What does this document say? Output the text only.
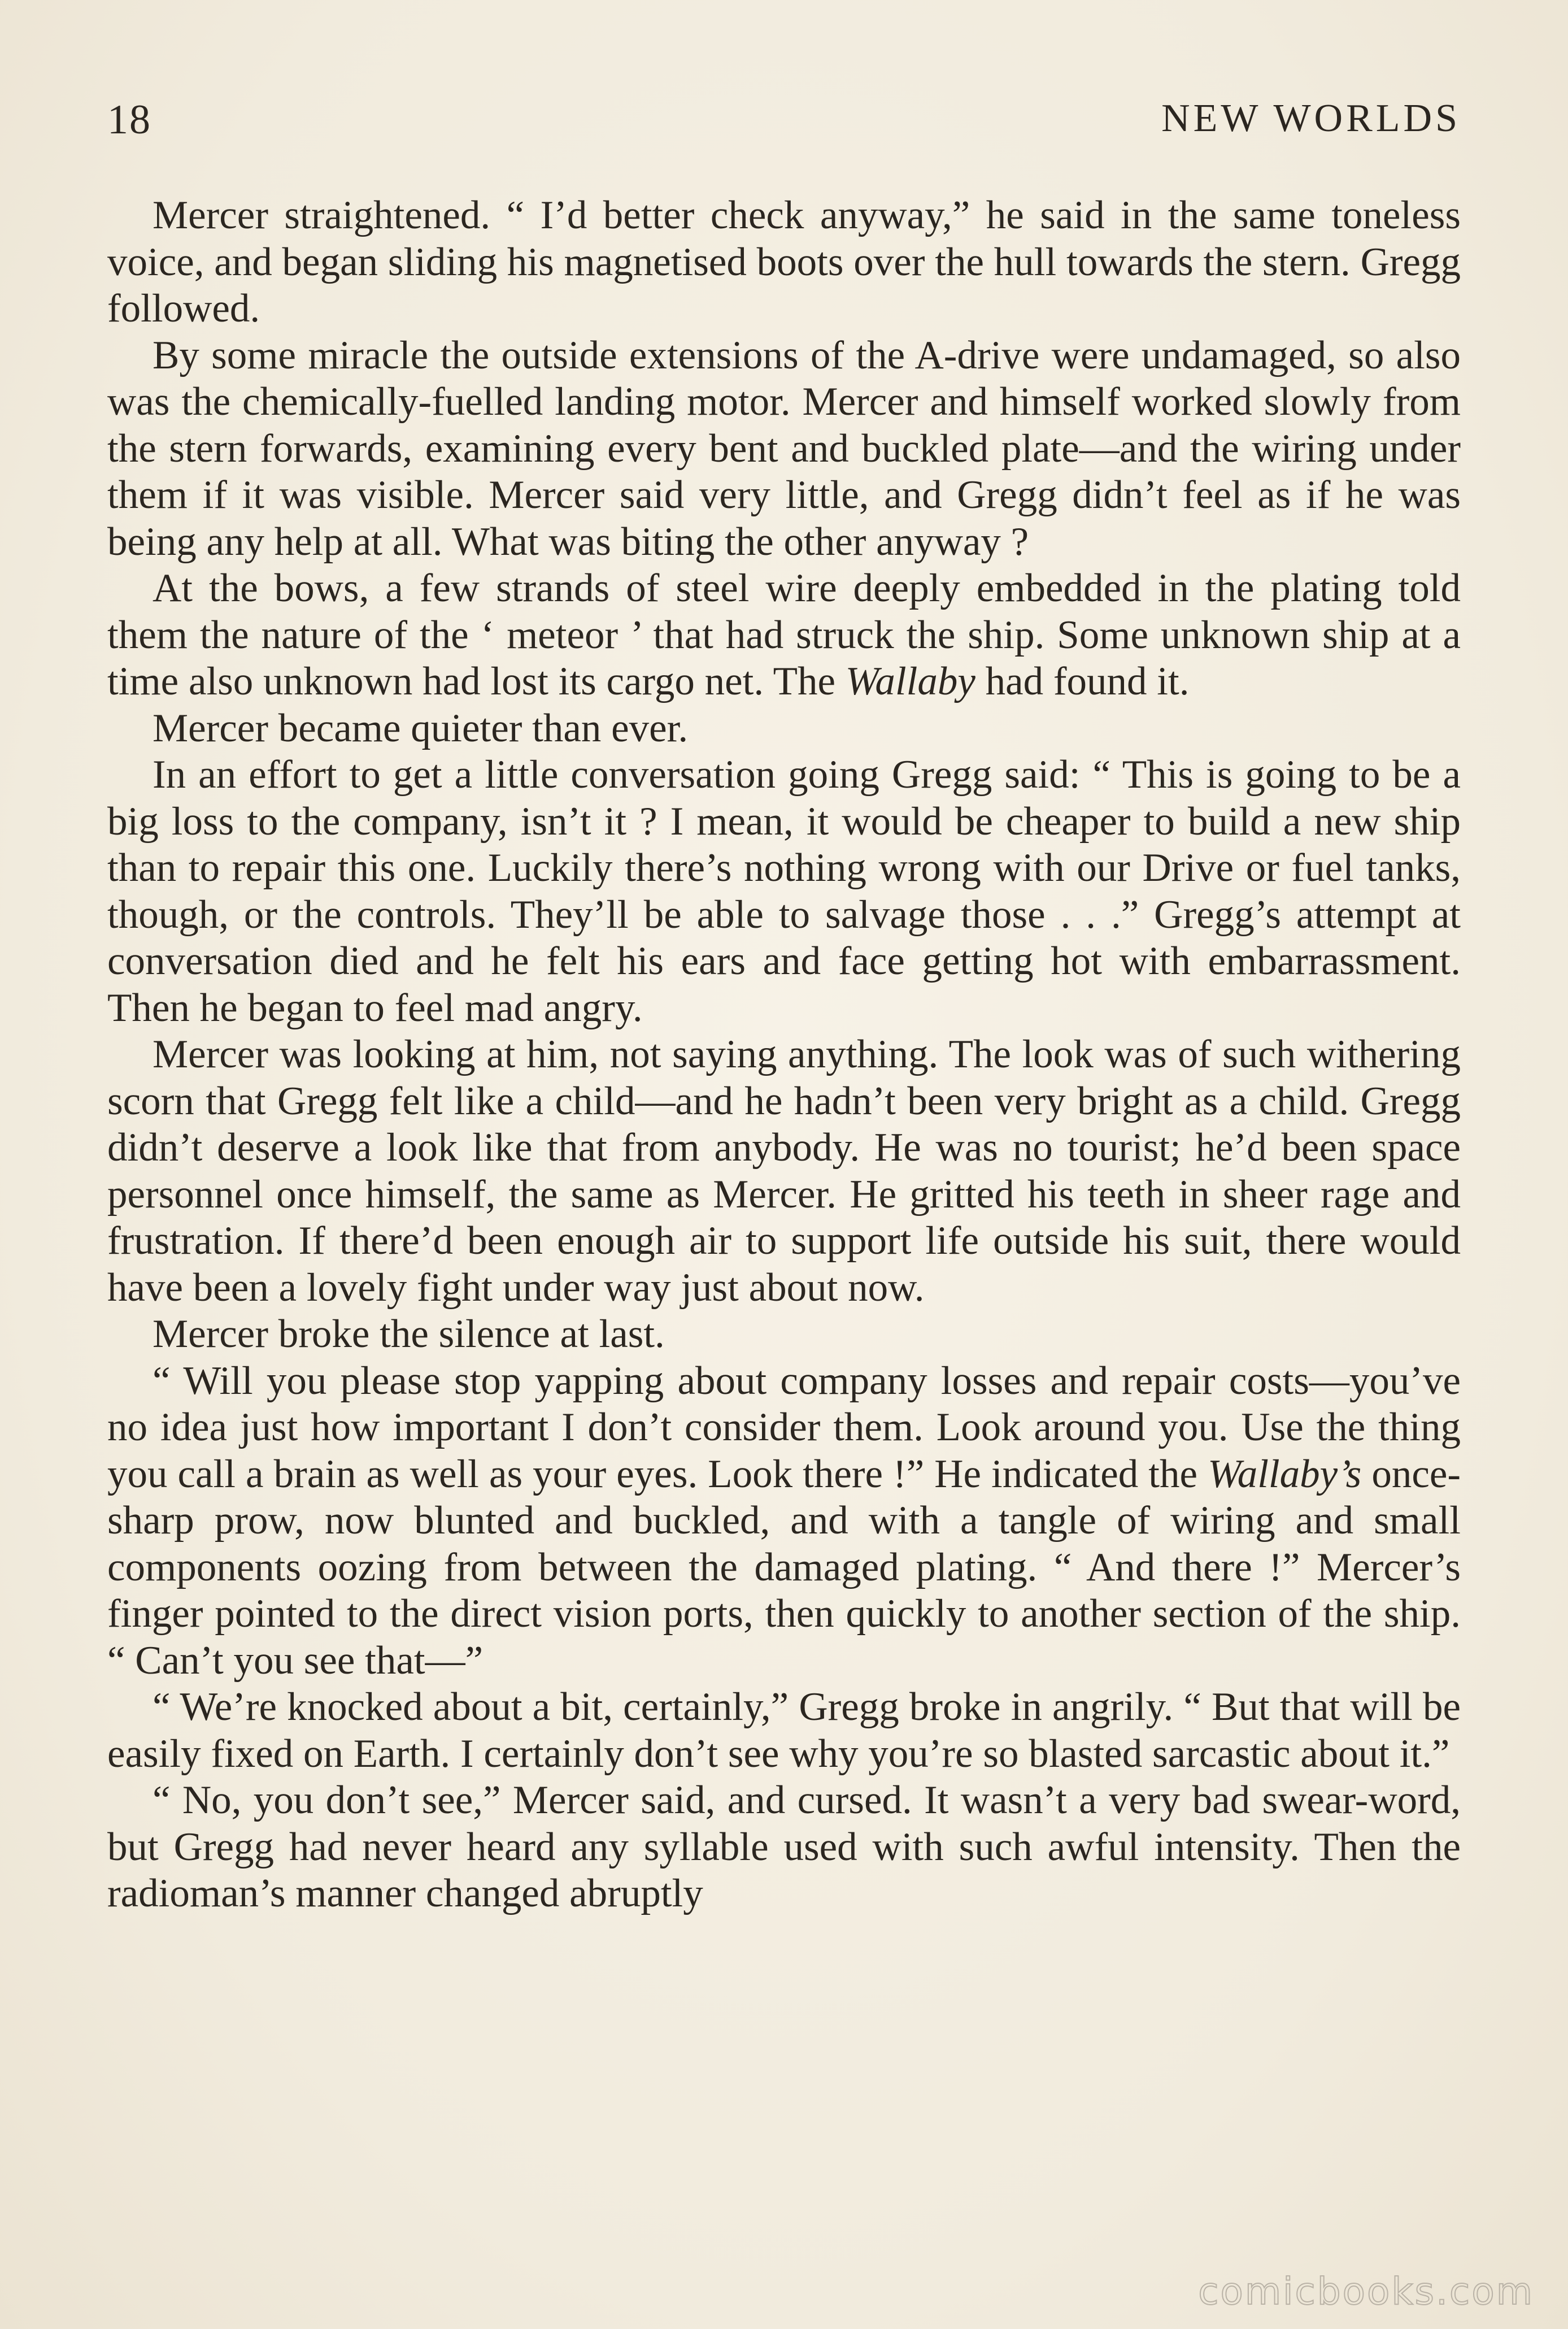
18	NEW WORLDS

Mercer straightened. “ I’d better check anyway,” he said in the same toneless voice, and began sliding his magnetised boots over the hull towards the stern. Gregg followed.

By some miracle the outside extensions of the A-drive were undamaged, so also was the chemically-fuelled landing motor. Mercer and himself worked slowly from the stern forwards, examining every bent and buckled plate—and the wiring under them if it was visible. Mercer said very little, and Gregg didn’t feel as if he was being any help at all. What was biting the other anyway ?

At the bows, a few strands of steel wire deeply embedded in the plating told them the nature of the ‘ meteor ’ that had struck the ship. Some unknown ship at a time also unknown had lost its cargo net. The Wallaby had found it.

Mercer became quieter than ever.

In an effort to get a little conversation going Gregg said: “ This is going to be a big loss to the company, isn’t it ? I mean, it would be cheaper to build a new ship than to repair this one. Luckily there’s nothing wrong with our Drive or fuel tanks, though, or the controls. They’ll be able to salvage those . . .” Gregg’s attempt at conversation died and he felt his ears and face getting hot with embarrassment. Then he began to feel mad angry.

Mercer was looking at him, not saying anything. The look was of such withering scorn that Gregg felt like a child—and he hadn’t been very bright as a child. Gregg didn’t deserve a look like that from anybody. He was no tourist; he’d been space personnel once himself, the same as Mercer. He gritted his teeth in sheer rage and frustration. If there’d been enough air to support life outside his suit, there would have been a lovely fight under way just about now.

Mercer broke the silence at last.

“ Will you please stop yapping about company losses and repair costs—you’ve no idea just how important I don’t consider them. Look around you. Use the thing you call a brain as well as your eyes. Look there !” He indicated the Wallaby’s once-sharp prow, now blunted and buckled, and with a tangle of wiring and small components oozing from between the damaged plating. “ And there !” Mercer’s finger pointed to the direct vision ports, then quickly to another section of the ship. “ Can’t you see that—”

“ We’re knocked about a bit, certainly,” Gregg broke in angrily. “ But that will be easily fixed on Earth. I certainly don’t see why you’re so blasted sarcastic about it.”

“ No, you don’t see,” Mercer said, and cursed. It wasn’t a very bad swear-word, but Gregg had never heard any syllable used with such awful intensity. Then the radioman’s manner changed abruptly

comicbooks.com
